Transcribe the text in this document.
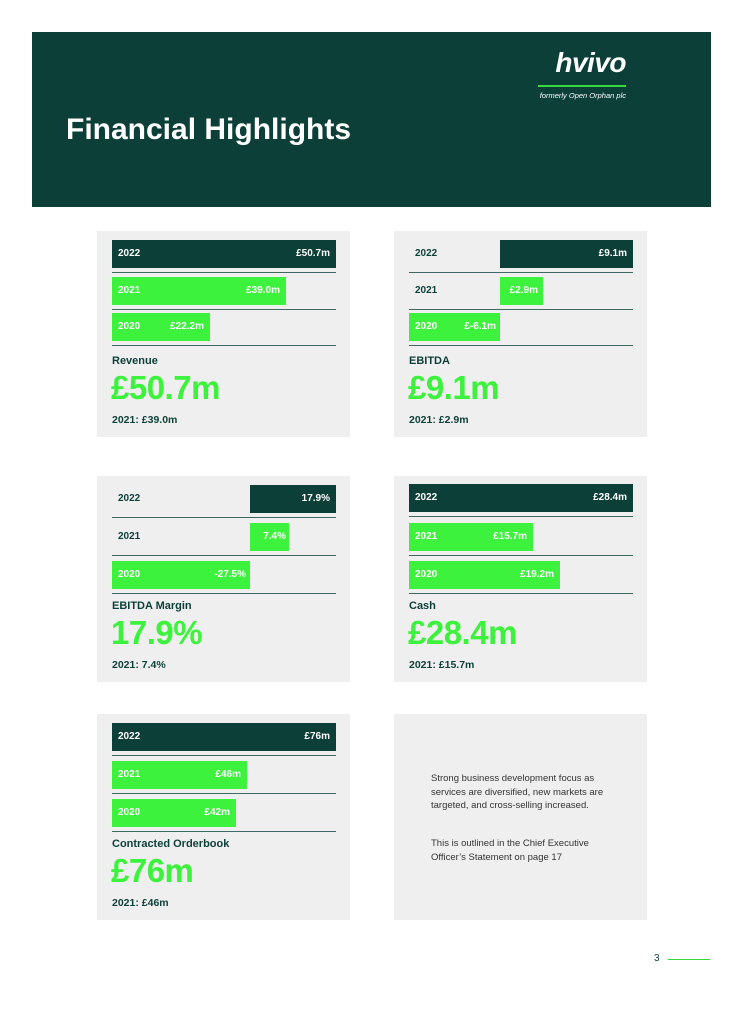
Financial Highlights
hvivo
formerly Open Orphan plc
2022	£50.7m
2021	£39.0m
2020	£22.2m
Revenue
£50.7m
2021: £39.0m
2022	£9.1m
2021	£2.9m
2020	£-6.1m
EBITDA
£9.1m
2021: £2.9m
2022	17.9%
2021	7.4%
2020	-27.5%
EBITDA Margin
17.9%
2021: 7.4%
2022	£28.4m
2021	£15.7m
2020	£19.2m
Cash
£28.4m
2021: £15.7m
2022	£76m
2021	£46m
2020	£42m
Contracted Orderbook
£76m
2021: £46m

Strong business development focus as services are diversified, new markets are targeted, and cross-selling increased.

This is outlined in the Chief Executive Officer’s Statement on page 17

3
